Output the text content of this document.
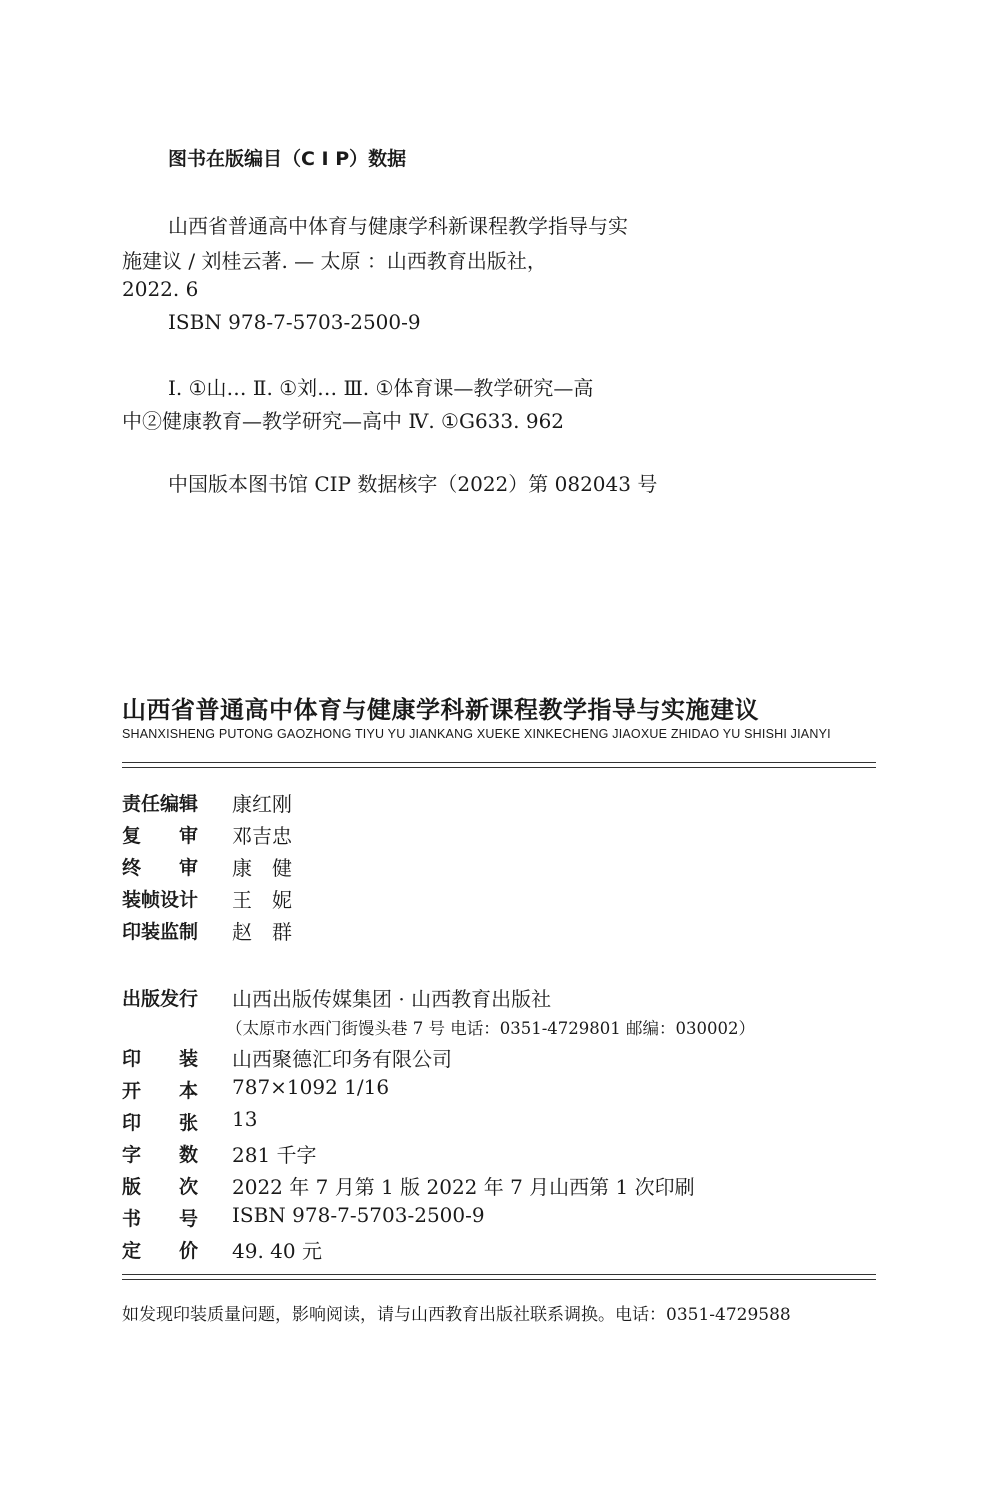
图书在版编目（C I P）数据
山西省普通高中体育与健康学科新课程教学指导与实
施建议 / 刘桂云著. — 太原 ：山西教育出版社，
2022. 6
ISBN 978-7-5703-2500-9
Ⅰ. ①山… Ⅱ. ①刘… Ⅲ. ①体育课—教学研究—高
中②健康教育—教学研究—高中 Ⅳ. ①G633. 962
中国版本图书馆 CIP 数据核字（2022）第 082043 号
山西省普通高中体育与健康学科新课程教学指导与实施建议
SHANXISHENG PUTONG GAOZHONG TIYU YU JIANKANG XUEKE XINKECHENG JIAOXUE ZHIDAO YU SHISHI JIANYI
责任编辑 康红刚
复　　审 邓吉忠
终　　审 康　健
装帧设计 王　妮
印装监制 赵　群
出版发行 山西出版传媒集团 · 山西教育出版社
（太原市水西门街馒头巷 7 号 电话：0351-4729801 邮编：030002）
印　　装 山西聚德汇印务有限公司
开　　本 787×1092 1/16
印　　张 13
字　　数 281 千字
版　　次 2022 年 7 月第 1 版 2022 年 7 月山西第 1 次印刷
书　　号 ISBN 978-7-5703-2500-9
定　　价 49. 40 元
如发现印装质量问题，影响阅读，请与山西教育出版社联系调换。电话：0351-4729588
